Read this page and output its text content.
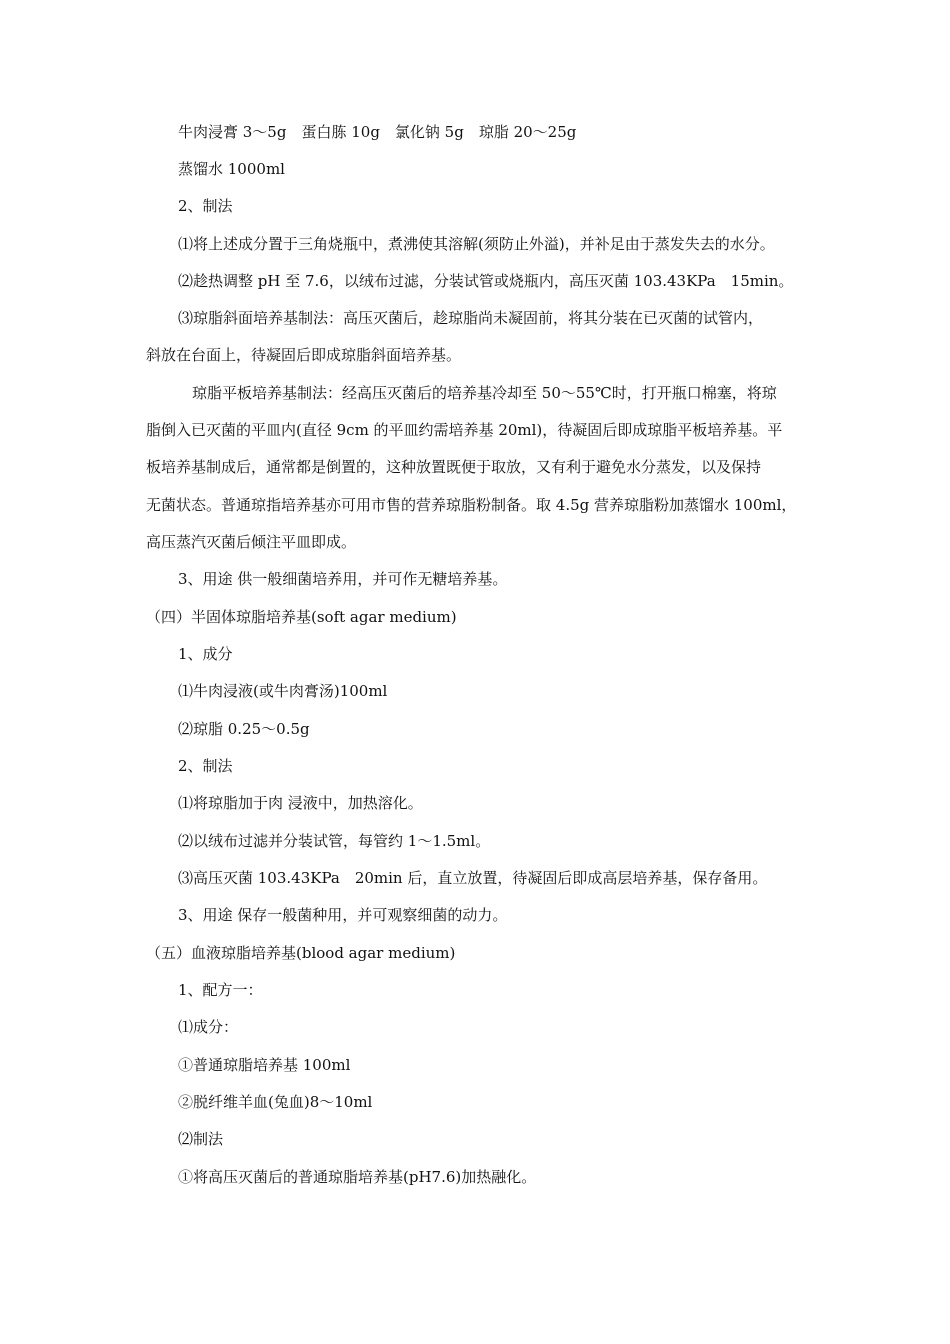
牛肉浸膏 3～5g　蛋白胨 10g　氯化钠 5g　琼脂 20～25g
蒸馏水 1000ml
2、制法
⑴将上述成分置于三角烧瓶中，煮沸使其溶解(须防止外溢)，并补足由于蒸发失去的水分。
⑵趁热调整 pH 至 7.6，以绒布过滤，分装试管或烧瓶内，高压灭菌 103.43KPa　15min。
⑶琼脂斜面培养基制法：高压灭菌后，趁琼脂尚未凝固前，将其分装在已灭菌的试管内，
斜放在台面上，待凝固后即成琼脂斜面培养基。
琼脂平板培养基制法：经高压灭菌后的培养基冷却至 50～55℃时，打开瓶口棉塞，将琼
脂倒入已灭菌的平皿内(直径 9cm 的平皿约需培养基 20ml)，待凝固后即成琼脂平板培养基。平
板培养基制成后，通常都是倒置的，这种放置既便于取放，又有利于避免水分蒸发，以及保持
无菌状态。普通琼指培养基亦可用市售的营养琼脂粉制备。取 4.5g 营养琼脂粉加蒸馏水 100ml，
高压蒸汽灭菌后倾注平皿即成。
3、用途 供一般细菌培养用，并可作无糖培养基。
（四）半固体琼脂培养基(soft agar medium)
1、成分
⑴牛肉浸液(或牛肉膏汤)100ml
⑵琼脂 0.25～0.5g
2、制法
⑴将琼脂加于肉 浸液中，加热溶化。
⑵以绒布过滤并分装试管，每管约 1～1.5ml。
⑶高压灭菌 103.43KPa　20min 后，直立放置，待凝固后即成高层培养基，保存备用。
3、用途 保存一般菌种用，并可观察细菌的动力。
（五）血液琼脂培养基(blood agar medium)
1、配方一：
⑴成分：
①普通琼脂培养基 100ml
②脱纤维羊血(兔血)8～10ml
⑵制法
①将高压灭菌后的普通琼脂培养基(pH7.6)加热融化。
